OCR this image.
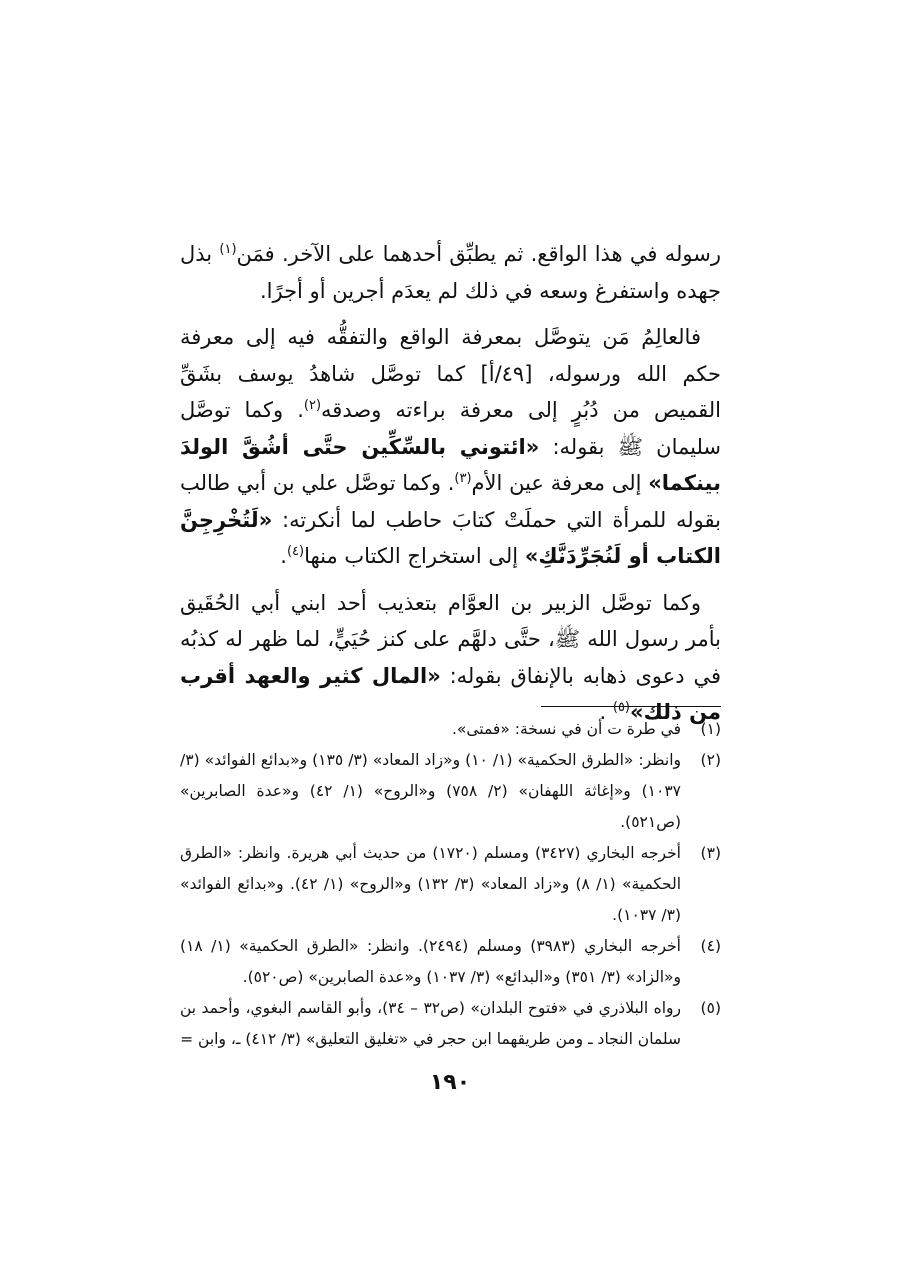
رسوله في هذا الواقع. ثم يطبِّق أحدهما على الآخر. فمَن$^{(١)}$ بذل جهده واستفرغ وسعه في ذلك لم يعدَم أجرين أو أجرًا.

فالعالِمُ مَن يتوصَّل بمعرفة الواقع والتفقُّه فيه إلى معرفة حكم الله ورسوله، [٤٩/أ] كما توصَّل شاهدُ يوسف بشَقِّ القميص من دُبُرٍ إلى معرفة براءته وصدقه$^{(٢)}$. وكما توصَّل سليمان ﷺ بقوله: «ائتوني بالسِّكِّين حتَّى أشُقَّ الولدَ بينكما» إلى معرفة عين الأم$^{(٣)}$. وكما توصَّل علي بن أبي طالب بقوله للمرأة التي حملَتْ كتابَ حاطب لما أنكرته: «لَتُخْرِجِنَّ الكتاب أو لَنُجَرِّدَنَّكِ» إلى استخراج الكتاب منها$^{(٤)}$.

وكما توصَّل الزبير بن العوَّام بتعذيب أحد ابني أبي الحُقَيق بأمر رسول الله ﷺ، حتَّى دلهَّم على كنز حُيَيٍّ، لما ظهر له كذبُه في دعوى ذهابه بالإنفاق بقوله: «المال كثير والعهد أقرب من ذلك»$^{(٥)}$ .

(١)
في طرة ت أن في نسخة: «فمتى».
(٢)
وانظر: «الطرق الحكمية» (١/ ١٠) و«زاد المعاد» (٣/ ١٣٥) و«بدائع الفوائد» (٣/ ١٠٣٧) و«إغاثة اللهفان» (٢/ ٧٥٨) و«الروح» (١/ ٤٢) و«عدة الصابرين» (ص٥٢١).
(٣)
أخرجه البخاري (٣٤٢٧) ومسلم (١٧٢٠) من حديث أبي هريرة. وانظر: «الطرق الحكمية» (١/ ٨) و«زاد المعاد» (٣/ ١٣٢) و«الروح» (١/ ٤٢). و«بدائع الفوائد» (٣/ ١٠٣٧).
(٤)
أخرجه البخاري (٣٩٨٣) ومسلم (٢٤٩٤). وانظر: «الطرق الحكمية» (١/ ١٨) و«الزاد» (٣/ ٣٥١) و«البدائع» (٣/ ١٠٣٧) و«عدة الصابرين» (ص٥٢٠).
(٥)
رواه البلاذري في «فتوح البلدان» (ص٣٢ – ٣٤)، وأبو القاسم البغوي، وأحمد بن سلمان النجاد ـ ومن طريقهما ابن حجر في «تغليق التعليق» (٣/ ٤١٢) ـ، وابن =
١٩٠
